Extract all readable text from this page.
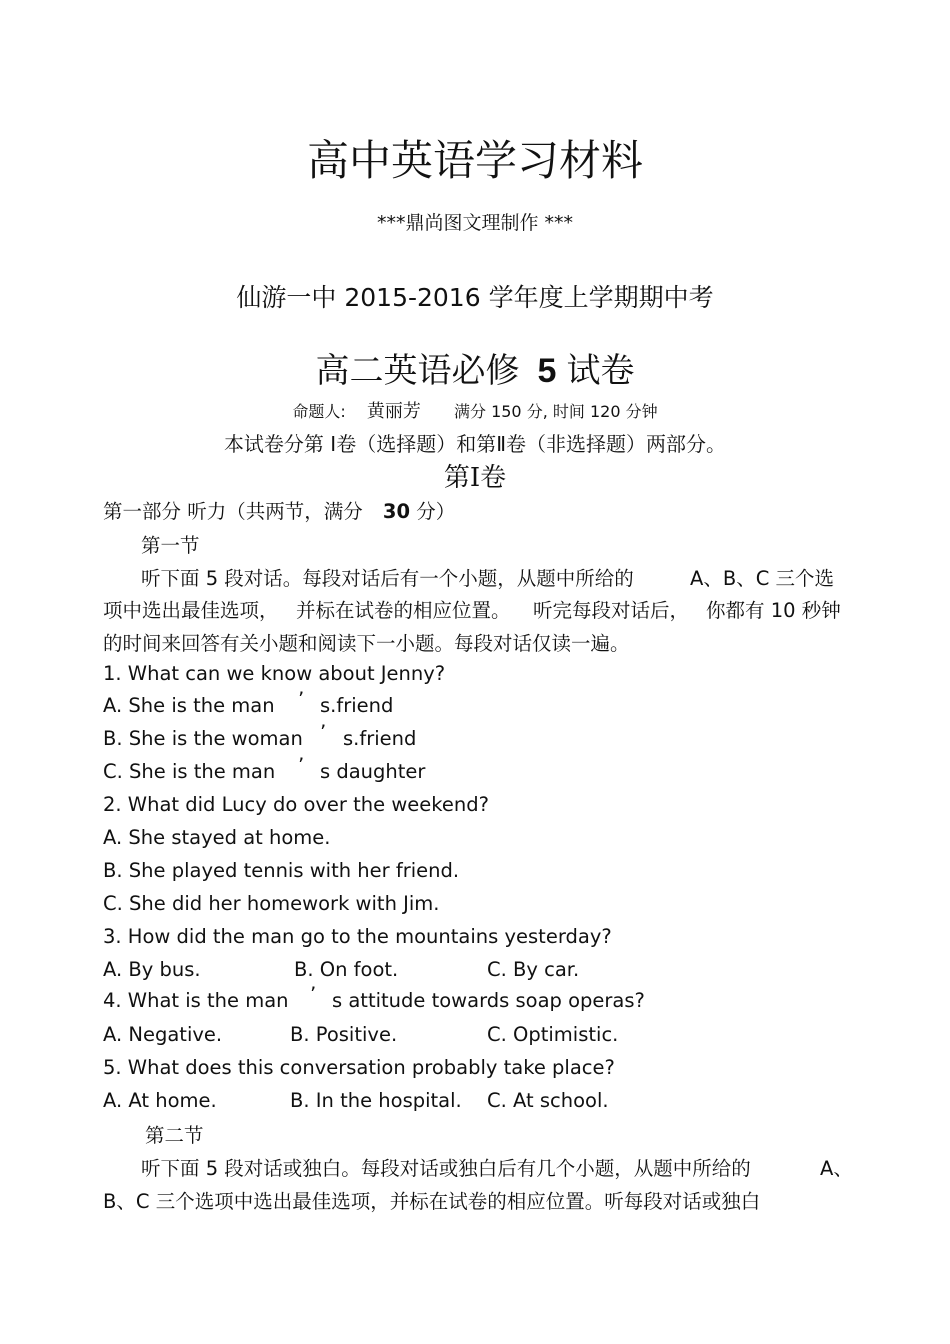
高中英语学习材料
***鼎尚图文理制作 ***
仙游一中 2015-2016 学年度上学期期中考
高二英语必修 5 试卷
命题人: 黄丽芳 满分 150 分, 时间 120 分钟
本试卷分第 Ⅰ卷（选择题）和第Ⅱ卷（非选择题）两部分。
第Ⅰ卷
第一部分 听力（共两节，满分 30 分）
第一节
听下面 5 段对话。每段对话后有一个小题，从题中所给的	A、B、C 三个选
项中选出最佳选项， 并标在试卷的相应位置。 听完每段对话后， 你都有 10 秒钟
的时间来回答有关小题和阅读下一小题。每段对话仅读一遍。
1. What can we know about Jenny?
A. She is the man ’ s.friend
B. She is the woman ’ s.friend
C. She is the man ’ s daughter
2. What did Lucy do over the weekend?
A. She stayed at home.
B. She played tennis with her friend.
C. She did her homework with Jim.
3. How did the man go to the mountains yesterday?
A. By bus.	B. On foot.	C. By car.
4. What is the man ’ s attitude towards soap operas?
A. Negative.	B. Positive.	C. Optimistic.
5. What does this conversation probably take place?
A. At home.	B. In the hospital. C. At school.
第二节
听下面 5 段对话或独白。每段对话或独白后有几个小题，从题中所给的	A、
B、C 三个选项中选出最佳选项，并标在试卷的相应位置。听每段对话或独白
